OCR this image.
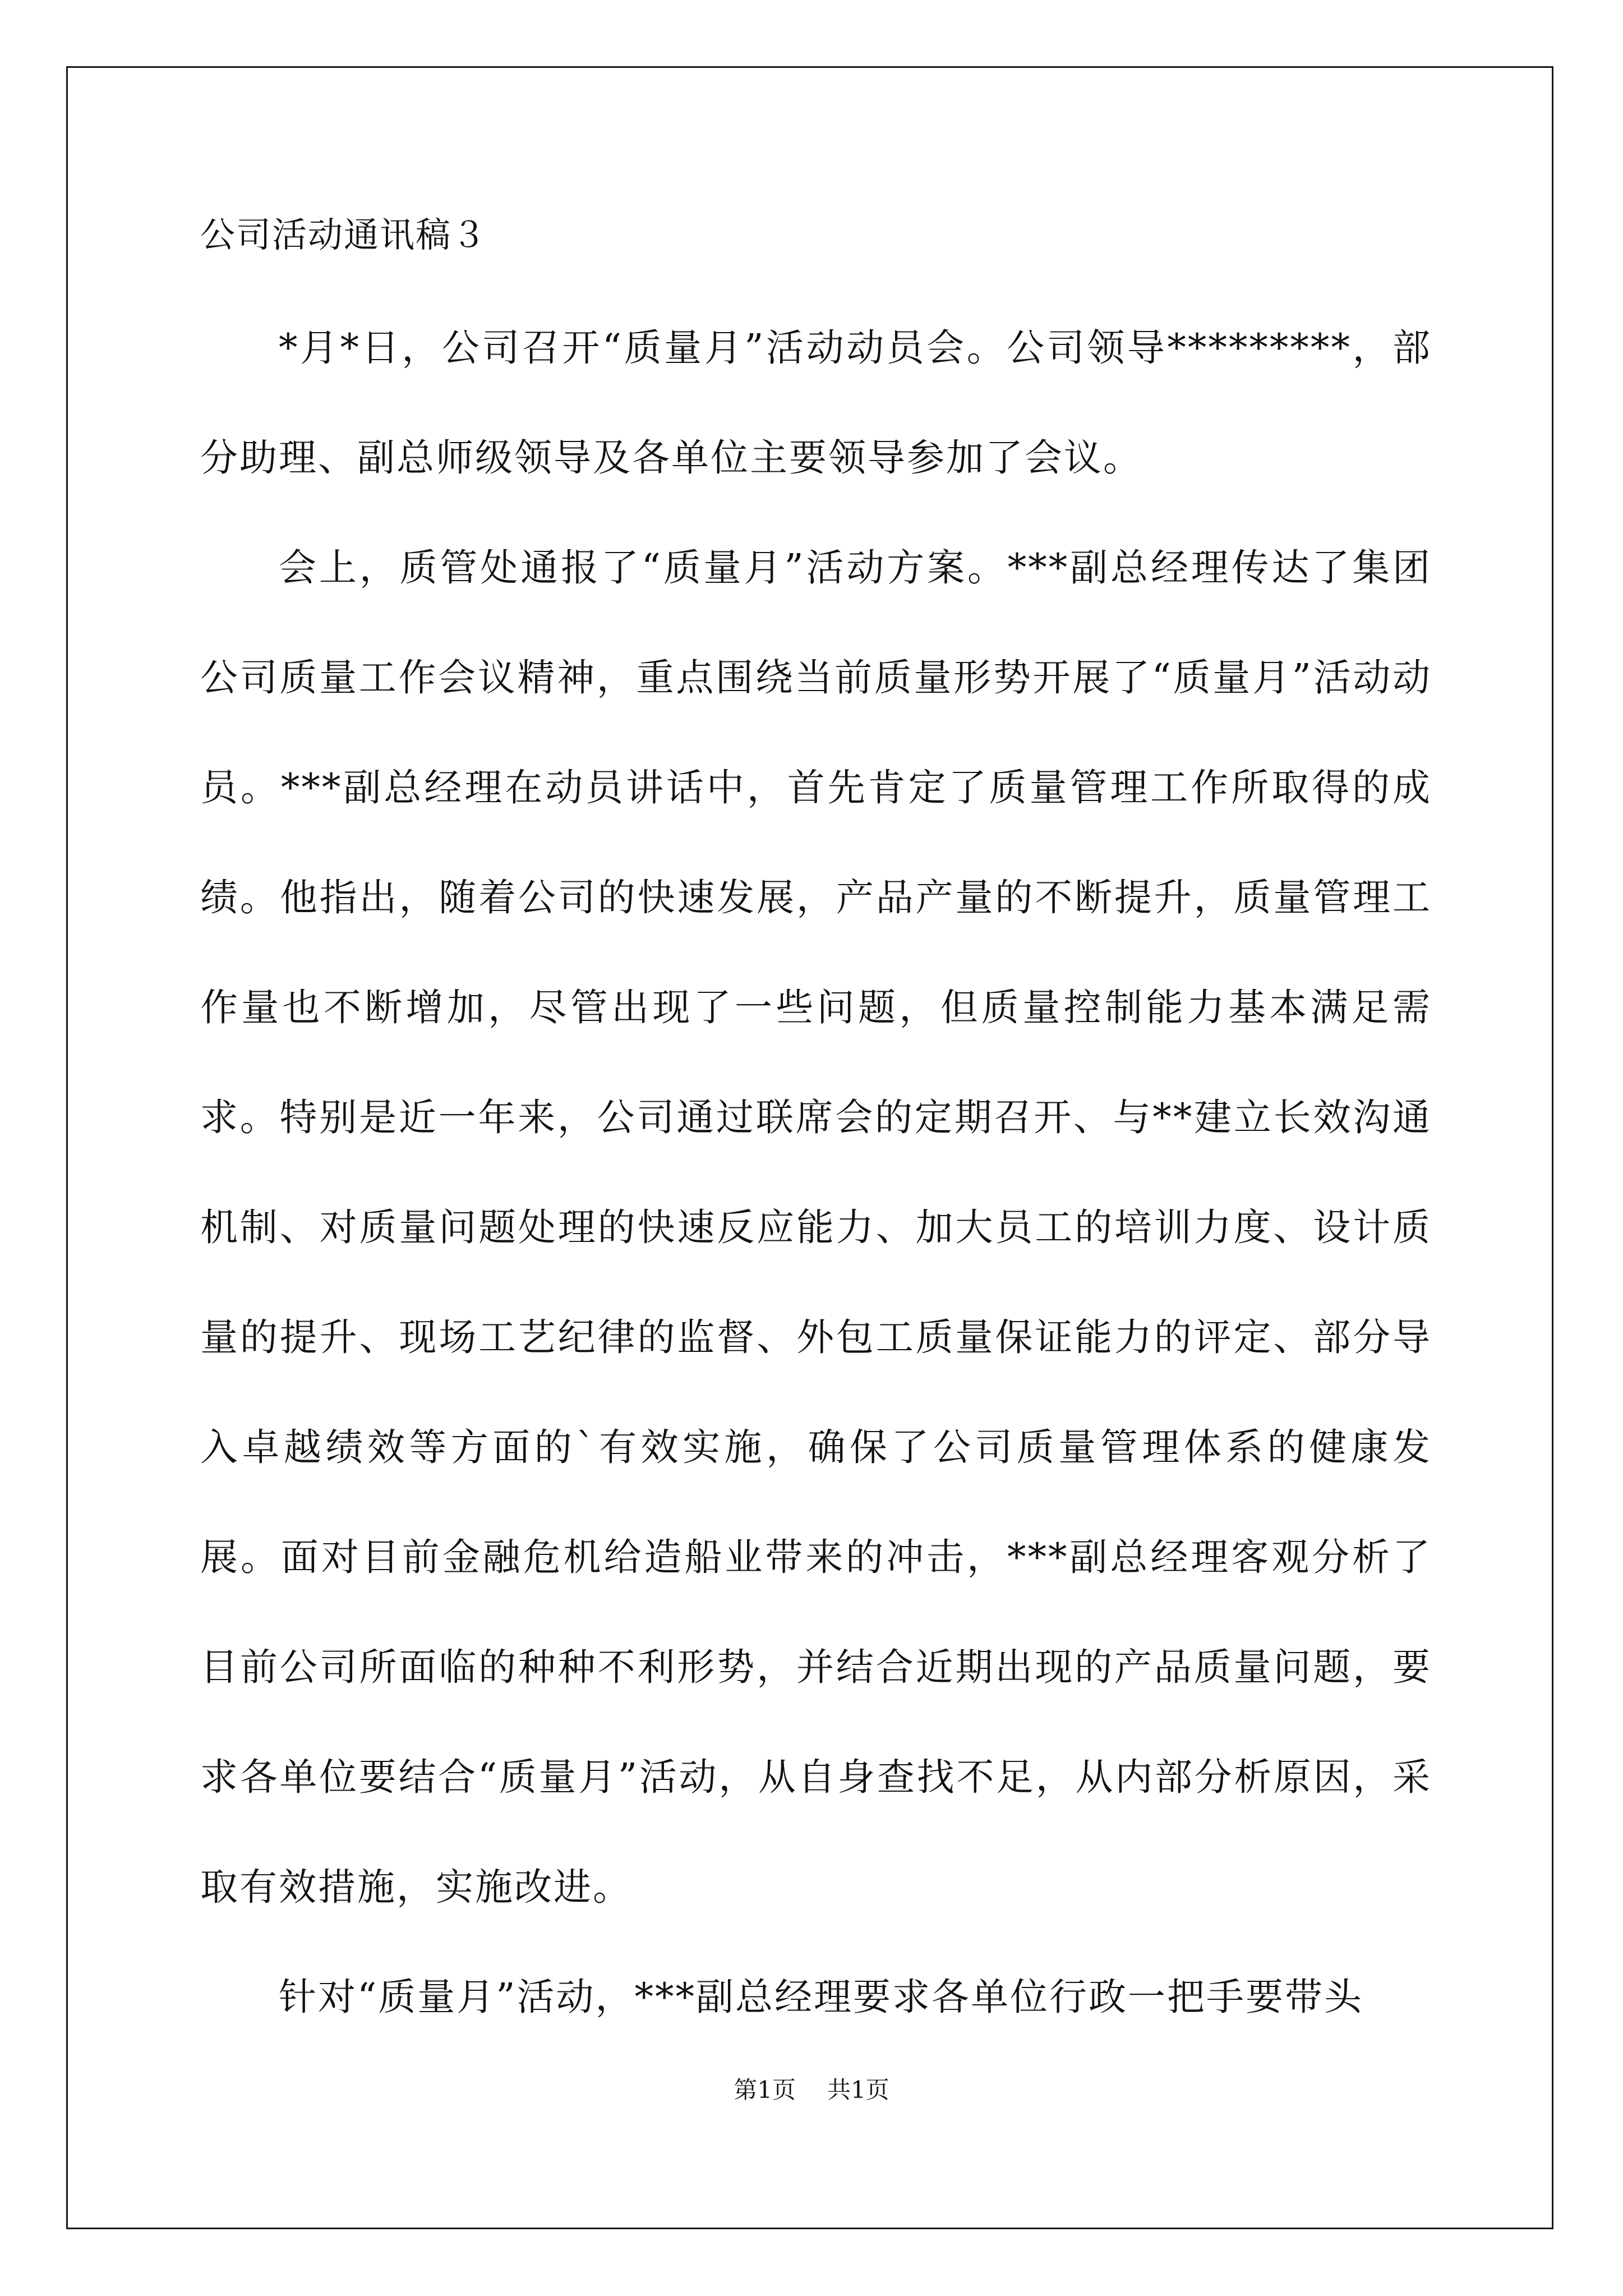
公司活动通讯稿３

*月*日，公司召开“质量月”活动动员会。公司领导*********，部分助理、副总师级领导及各单位主要领导参加了会议。

会上，质管处通报了“质量月”活动方案。***副总经理传达了集团公司质量工作会议精神，重点围绕当前质量形势开展了“质量月”活动动员。***副总经理在动员讲话中，首先肯定了质量管理工作所取得的成绩。他指出，随着公司的快速发展，产品产量的不断提升，质量管理工作量也不断增加，尽管出现了一些问题，但质量控制能力基本满足需求。特别是近一年来，公司通过联席会的定期召开、与**建立长效沟通机制、对质量问题处理的快速反应能力、加大员工的培训力度、设计质量的提升、现场工艺纪律的监督、外包工质量保证能力的评定、部分导入卓越绩效等方面的`有效实施，确保了公司质量管理体系的健康发展。面对目前金融危机给造船业带来的冲击，***副总经理客观分析了目前公司所面临的种种不利形势，并结合近期出现的产品质量问题，要求各单位要结合“质量月”活动，从自身查找不足，从内部分析原因，采取有效措施，实施改进。

针对“质量月”活动，***副总经理要求各单位行政一把手要带头

第1页 共1页
